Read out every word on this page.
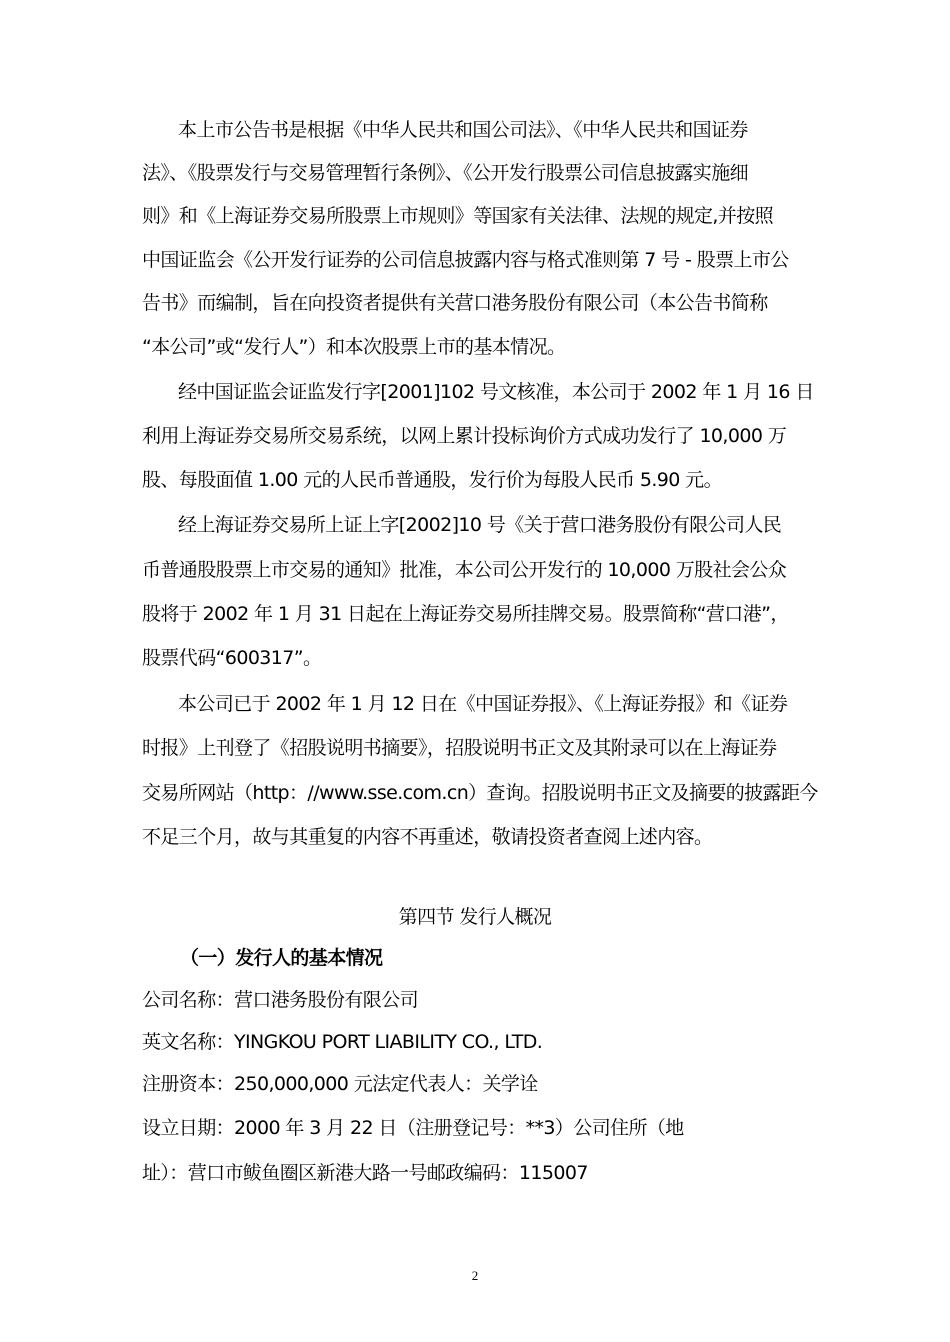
本上市公告书是根据《中华人民共和国公司法》、《中华人民共和国证券
法》、《股票发行与交易管理暂行条例》、《公开发行股票公司信息披露实施细
则》和《上海证券交易所股票上市规则》等国家有关法律、法规的规定,并按照
中国证监会《公开发行证券的公司信息披露内容与格式准则第 7 号 - 股票上市公
告书》而编制，旨在向投资者提供有关营口港务股份有限公司（本公告书简称
“本公司”或“发行人”）和本次股票上市的基本情况。
经中国证监会证监发行字[2001]102 号文核准，本公司于 2002 年 1 月 16 日
利用上海证券交易所交易系统，以网上累计投标询价方式成功发行了 10,000 万
股、每股面值 1.00 元的人民币普通股，发行价为每股人民币 5.90 元。
经上海证券交易所上证上字[2002]10 号《关于营口港务股份有限公司人民
币普通股股票上市交易的通知》批准，本公司公开发行的 10,000 万股社会公众
股将于 2002 年 1 月 31 日起在上海证券交易所挂牌交易。股票简称“营口港”，
股票代码“600317”。
本公司已于 2002 年 1 月 12 日在《中国证券报》、《上海证券报》和《证券
时报》上刊登了《招股说明书摘要》，招股说明书正文及其附录可以在上海证券
交易所网站（http：//www.sse.com.cn）查询。招股说明书正文及摘要的披露距今
不足三个月，故与其重复的内容不再重述，敬请投资者查阅上述内容。
第四节 发行人概况
（一）发行人的基本情况
公司名称：营口港务股份有限公司
英文名称：YINGKOU PORT LIABILITY CO., LTD.
注册资本：250,000,000 元法定代表人：关学诠
设立日期：2000 年 3 月 22 日（注册登记号：**3）公司住所（地
址）：营口市鲅鱼圈区新港大路一号邮政编码：115007
2
